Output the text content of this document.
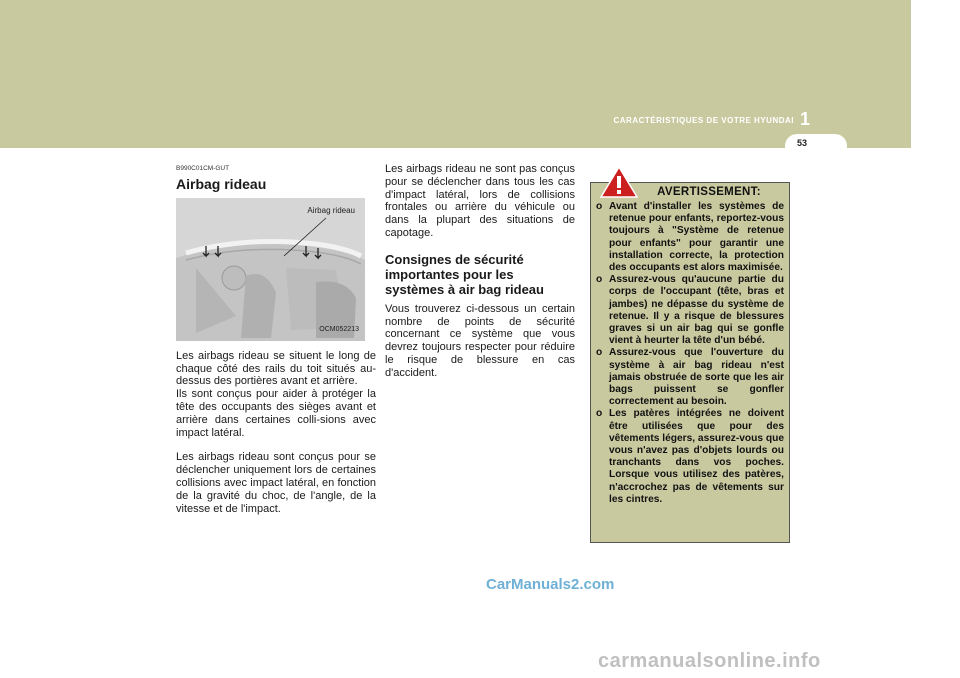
1
CARACTÉRISTIQUES DE VOTRE HYUNDAI
53
B990C01CM-GUT
Airbag rideau
Airbag rideau
OCM052213

Les airbags rideau se situent le long de chaque côté des rails du toit situés au-dessus des portières avant et arrière.

Ils sont conçus pour aider à protéger la tête des occupants des sièges avant et arrière dans certaines colli-sions avec impact latéral.

Les airbags rideau sont conçus pour se déclencher uniquement lors de certaines collisions avec impact latéral, en fonction de la gravité du choc, de l'angle, de la vitesse et de l'impact.

Les airbags rideau ne sont pas conçus pour se déclencher dans tous les cas d'impact latéral, lors de collisions frontales ou arrière du véhicule ou dans la plupart des situations de capotage.

Consignes de sécurité importantes pour les systèmes à air bag rideau

Vous trouverez ci-dessous un certain nombre de points de sécurité concernant ce système que vous devrez toujours respecter pour réduire le risque de blessure en cas d'accident.

AVERTISSEMENT:
o Avant d'installer les systèmes de retenue pour enfants, reportez-vous toujours à "Système de retenue pour enfants" pour garantir une installation correcte, la protection des occupants est alors maximisée.
o Assurez-vous qu'aucune partie du corps de l'occupant (tête, bras et jambes) ne dépasse du système de retenue. Il y a risque de blessures graves si un air bag qui se gonfle vient à heurter la tête d'un bébé.
o Assurez-vous que l'ouverture du système à air bag rideau n'est jamais obstruée de sorte que les air bags puissent se gonfler correctement au besoin.
o Les patères intégrées ne doivent être utilisées que pour des vêtements légers, assurez-vous que vous n'avez pas d'objets lourds ou tranchants dans vos poches. Lorsque vous utilisez des patères, n'accrochez pas de vêtements sur les cintres.
CarManuals2.com
carmanualsonline.info
